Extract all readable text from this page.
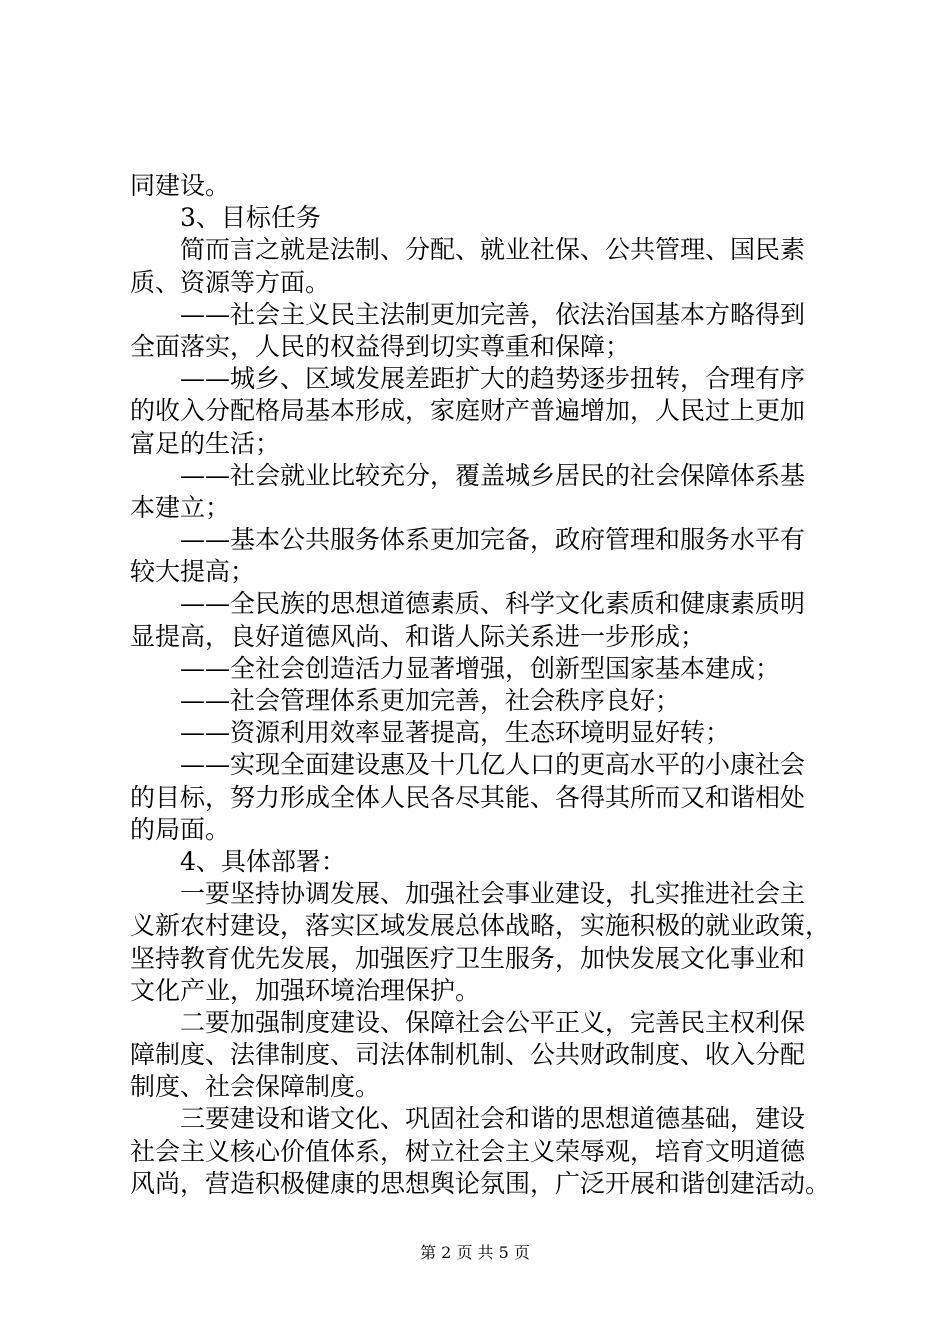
同建设。
　　3、目标任务
　　简而言之就是法制、分配、就业社保、公共管理、国民素
质、资源等方面。
　　——社会主义民主法制更加完善，依法治国基本方略得到
全面落实，人民的权益得到切实尊重和保障；
　　——城乡、区域发展差距扩大的趋势逐步扭转，合理有序
的收入分配格局基本形成，家庭财产普遍增加，人民过上更加
富足的生活；
　　——社会就业比较充分，覆盖城乡居民的社会保障体系基
本建立；
　　——基本公共服务体系更加完备，政府管理和服务水平有
较大提高；
　　——全民族的思想道德素质、科学文化素质和健康素质明
显提高，良好道德风尚、和谐人际关系进一步形成；
　　——全社会创造活力显著增强，创新型国家基本建成；
　　——社会管理体系更加完善，社会秩序良好；
　　——资源利用效率显著提高，生态环境明显好转；
　　——实现全面建设惠及十几亿人口的更高水平的小康社会
的目标，努力形成全体人民各尽其能、各得其所而又和谐相处
的局面。
　　4、具体部署：
　　一要坚持协调发展、加强社会事业建设，扎实推进社会主
义新农村建设，落实区域发展总体战略，实施积极的就业政策，
坚持教育优先发展，加强医疗卫生服务，加快发展文化事业和
文化产业，加强环境治理保护。
　　二要加强制度建设、保障社会公平正义，完善民主权利保
障制度、法律制度、司法体制机制、公共财政制度、收入分配
制度、社会保障制度。
　　三要建设和谐文化、巩固社会和谐的思想道德基础，建设
社会主义核心价值体系，树立社会主义荣辱观，培育文明道德
风尚，营造积极健康的思想舆论氛围，广泛开展和谐创建活动。
第 2 页 共 5 页
